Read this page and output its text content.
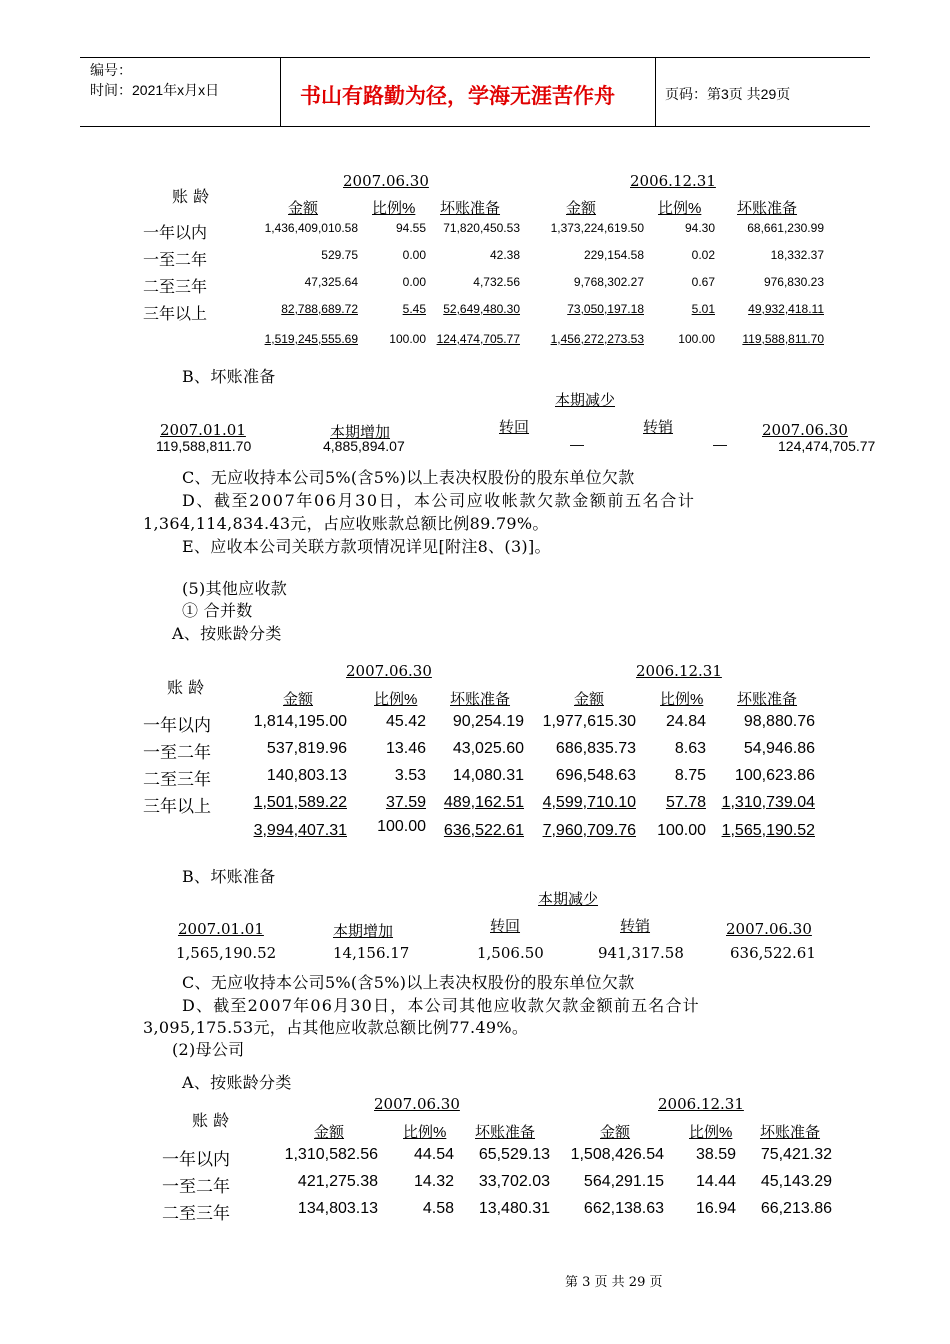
编号：
时间：2021年x月x日	书山有路勤为径，学海无涯苦作舟	页码：第3页 共29页
2007.06.30	2006.12.31
账 龄
金额	比例% 坏账准备	金额	比例% 坏账准备
一年以内	1,436,409,010.58	94.55	71,820,450.53	1,373,224,619.50	94.30	68,661,230.99
一至二年	529.75	0.00	42.38	229,154.58	0.02	18,332.37
二至三年	47,325.64	0.00	4,732.56	9,768,302.27	0.67	976,830.23
三年以上	82,788,689.72	5.45	52,649,480.30	73,050,197.18	5.01	49,932,418.11
1,519,245,555.69	100.00 124,474,705.77	1,456,272,273.53	100.00	119,588,811.70
B、坏账准备
本期减少
2007.01.01	本期增加	转回	转销	2007.06.30
119,588,811.70	4,885,894.07	—	—	124,474,705.77
C、无应收持本公司5%(含5%)以上表决权股份的股东单位欠款
D、截至2007年06月30日，本公司应收帐款欠款金额前五名合计
1,364,114,834.43元，占应收账款总额比例89.79%。
E、应收本公司关联方款项情况详见[附注8、(3)]。
(5)其他应收款
① 合并数
A、按账龄分类
2007.06.30	2006.12.31
账 龄
金额	比例% 坏账准备	金额	比例% 坏账准备
一年以内	1,814,195.00	45.42	90,254.19	1,977,615.30	24.84	98,880.76
一至二年	537,819.96	13.46	43,025.60	686,835.73	8.63	54,946.86
二至三年	140,803.13	3.53	14,080.31	696,548.63	8.75	100,623.86
三年以上	1,501,589.22	37.59	489,162.51	4,599,710.10	57.78 1,310,739.04
3,994,407.31	100.00	636,522.61	7,960,709.76	100.00 1,565,190.52
B、坏账准备
本期减少
2007.01.01	本期增加	转回	转销	2007.06.30
1,565,190.52	14,156.17	1,506.50	941,317.58	636,522.61
C、无应收持本公司5%(含5%)以上表决权股份的股东单位欠款
D、截至2007年06月30日，本公司其他应收款欠款金额前五名合计
3,095,175.53元，占其他应收款总额比例77.49%。
(2)母公司
A、按账龄分类
2007.06.30	2006.12.31
账 龄
金额	比例% 坏账准备	金额	比例% 坏账准备
一年以内	1,310,582.56	44.54	65,529.13	1,508,426.54	38.59	75,421.32
一至二年	421,275.38	14.32	33,702.03	564,291.15	14.44	45,143.29
二至三年	134,803.13	4.58	13,480.31	662,138.63	16.94	66,213.86
第 3 页 共 29 页
